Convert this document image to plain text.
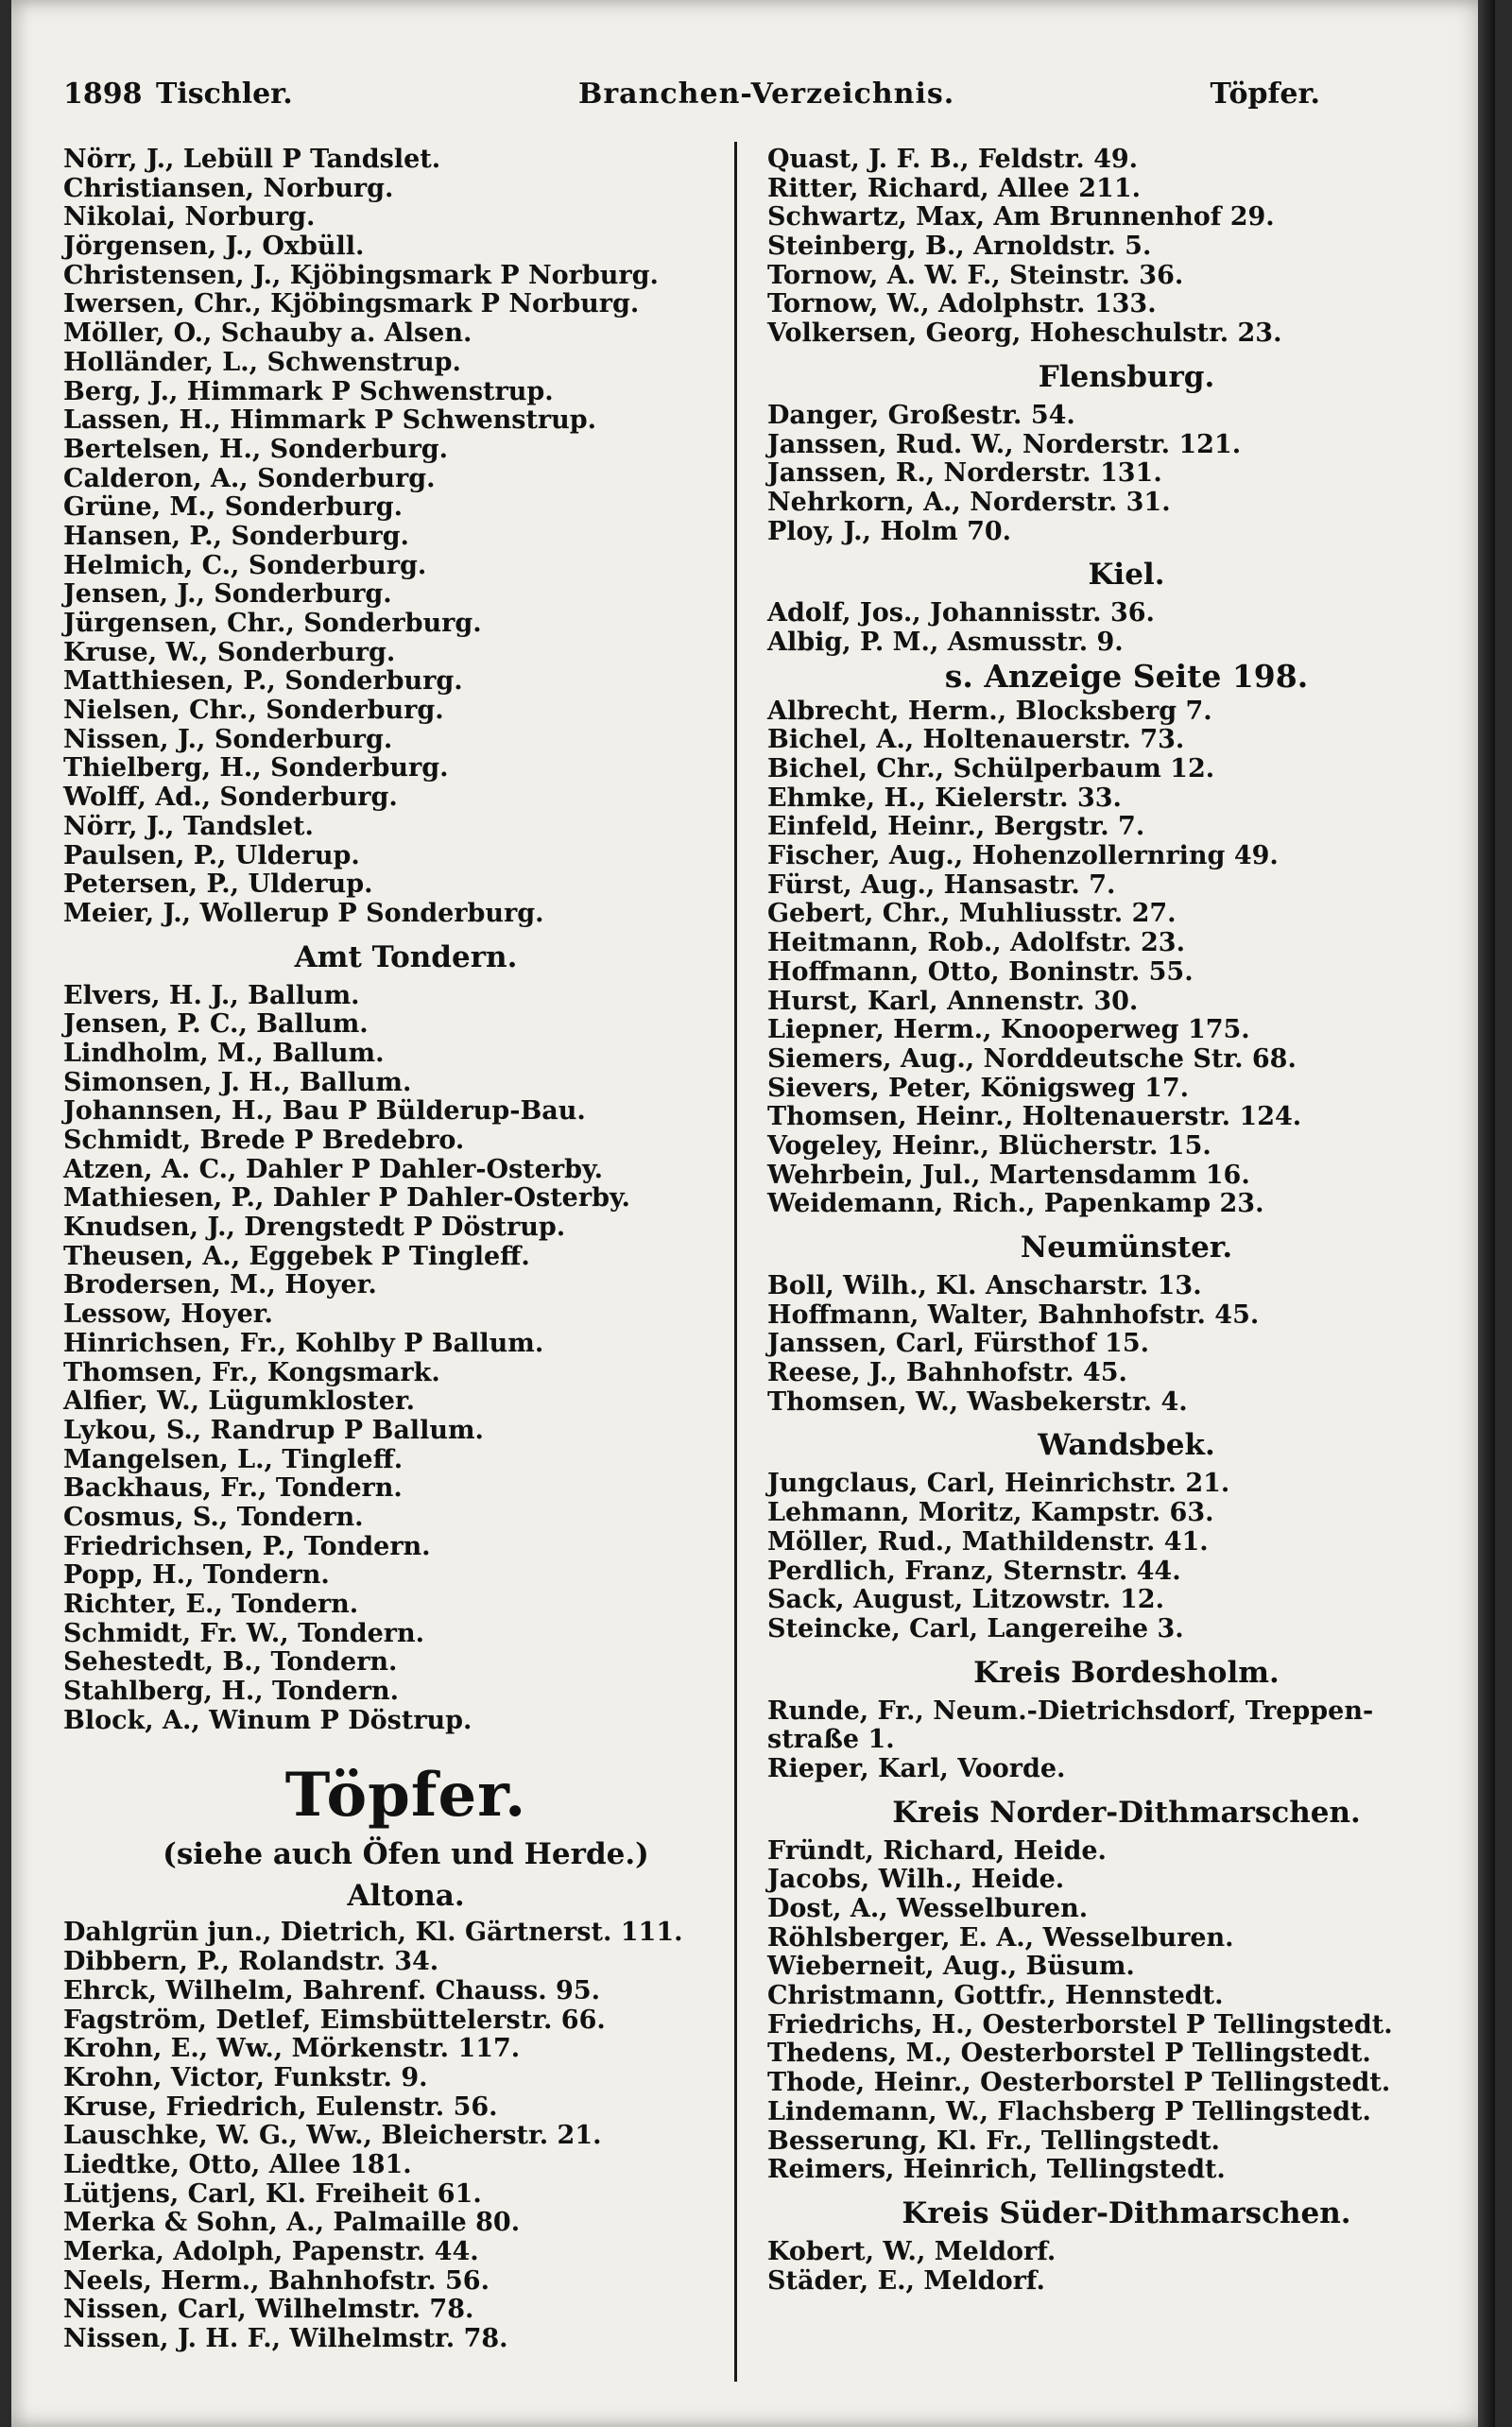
1898 Tischler.	Branchen-Verzeichnis.	Töpfer.
Nörr, J., Lebüll P Tandslet.
Christiansen, Norburg.
Nikolai, Norburg.
Jörgensen, J., Oxbüll.
Christensen, J., Kjöbingsmark P Norburg.
Iwersen, Chr., Kjöbingsmark P Norburg.
Möller, O., Schauby a. Alsen.
Holländer, L., Schwenstrup.
Berg, J., Himmark P Schwenstrup.
Lassen, H., Himmark P Schwenstrup.
Bertelsen, H., Sonderburg.
Calderon, A., Sonderburg.
Grüne, M., Sonderburg.
Hansen, P., Sonderburg.
Helmich, C., Sonderburg.
Jensen, J., Sonderburg.
Jürgensen, Chr., Sonderburg.
Kruse, W., Sonderburg.
Matthiesen, P., Sonderburg.
Nielsen, Chr., Sonderburg.
Nissen, J., Sonderburg.
Thielberg, H., Sonderburg.
Wolff, Ad., Sonderburg.
Nörr, J., Tandslet.
Paulsen, P., Ulderup.
Petersen, P., Ulderup.
Meier, J., Wollerup P Sonderburg.
Amt Tondern.
Elvers, H. J., Ballum.
Jensen, P. C., Ballum.
Lindholm, M., Ballum.
Simonsen, J. H., Ballum.
Johannsen, H., Bau P Bülderup-Bau.
Schmidt, Brede P Bredebro.
Atzen, A. C., Dahler P Dahler-Osterby.
Mathiesen, P., Dahler P Dahler-Osterby.
Knudsen, J., Drengstedt P Döstrup.
Theusen, A., Eggebek P Tingleff.
Brodersen, M., Hoyer.
Lessow, Hoyer.
Hinrichsen, Fr., Kohlby P Ballum.
Thomsen, Fr., Kongsmark.
Alfier, W., Lügumkloster.
Lykou, S., Randrup P Ballum.
Mangelsen, L., Tingleff.
Backhaus, Fr., Tondern.
Cosmus, S., Tondern.
Friedrichsen, P., Tondern.
Popp, H., Tondern.
Richter, E., Tondern.
Schmidt, Fr. W., Tondern.
Sehestedt, B., Tondern.
Stahlberg, H., Tondern.
Block, A., Winum P Döstrup.
Töpfer.
(siehe auch Öfen und Herde.)
Altona.
Dahlgrün jun., Dietrich, Kl. Gärtnerst. 111.
Dibbern, P., Rolandstr. 34.
Ehrck, Wilhelm, Bahrenf. Chauss. 95.
Fagström, Detlef, Eimsbüttelerstr. 66.
Krohn, E., Ww., Mörkenstr. 117.
Krohn, Victor, Funkstr. 9.
Kruse, Friedrich, Eulenstr. 56.
Lauschke, W. G., Ww., Bleicherstr. 21.
Liedtke, Otto, Allee 181.
Lütjens, Carl, Kl. Freiheit 61.
Merka & Sohn, A., Palmaille 80.
Merka, Adolph, Papenstr. 44.
Neels, Herm., Bahnhofstr. 56.
Nissen, Carl, Wilhelmstr. 78.
Nissen, J. H. F., Wilhelmstr. 78.
Quast, J. F. B., Feldstr. 49.
Ritter, Richard, Allee 211.
Schwartz, Max, Am Brunnenhof 29.
Steinberg, B., Arnoldstr. 5.
Tornow, A. W. F., Steinstr. 36.
Tornow, W., Adolphstr. 133.
Volkersen, Georg, Hoheschulstr. 23.
Flensburg.
Danger, Großestr. 54.
Janssen, Rud. W., Norderstr. 121.
Janssen, R., Norderstr. 131.
Nehrkorn, A., Norderstr. 31.
Ploy, J., Holm 70.
Kiel.
Adolf, Jos., Johannisstr. 36.
Albig, P. M., Asmusstr. 9.
s. Anzeige Seite 198.
Albrecht, Herm., Blocksberg 7.
Bichel, A., Holtenauerstr. 73.
Bichel, Chr., Schülperbaum 12.
Ehmke, H., Kielerstr. 33.
Einfeld, Heinr., Bergstr. 7.
Fischer, Aug., Hohenzollernring 49.
Fürst, Aug., Hansastr. 7.
Gebert, Chr., Muhliusstr. 27.
Heitmann, Rob., Adolfstr. 23.
Hoffmann, Otto, Boninstr. 55.
Hurst, Karl, Annenstr. 30.
Liepner, Herm., Knooperweg 175.
Siemers, Aug., Norddeutsche Str. 68.
Sievers, Peter, Königsweg 17.
Thomsen, Heinr., Holtenauerstr. 124.
Vogeley, Heinr., Blücherstr. 15.
Wehrbein, Jul., Martensdamm 16.
Weidemann, Rich., Papenkamp 23.
Neumünster.
Boll, Wilh., Kl. Anscharstr. 13.
Hoffmann, Walter, Bahnhofstr. 45.
Janssen, Carl, Fürsthof 15.
Reese, J., Bahnhofstr. 45.
Thomsen, W., Wasbekerstr. 4.
Wandsbek.
Jungclaus, Carl, Heinrichstr. 21.
Lehmann, Moritz, Kampstr. 63.
Möller, Rud., Mathildenstr. 41.
Perdlich, Franz, Sternstr. 44.
Sack, August, Litzowstr. 12.
Steincke, Carl, Langereihe 3.
Kreis Bordesholm.
Runde, Fr., Neum.-Dietrichsdorf, Treppen-
straße 1.
Rieper, Karl, Voorde.
Kreis Norder-Dithmarschen.
Fründt, Richard, Heide.
Jacobs, Wilh., Heide.
Dost, A., Wesselburen.
Röhlsberger, E. A., Wesselburen.
Wieberneit, Aug., Büsum.
Christmann, Gottfr., Hennstedt.
Friedrichs, H., Oesterborstel P Tellingstedt.
Thedens, M., Oesterborstel P Tellingstedt.
Thode, Heinr., Oesterborstel P Tellingstedt.
Lindemann, W., Flachsberg P Tellingstedt.
Besserung, Kl. Fr., Tellingstedt.
Reimers, Heinrich, Tellingstedt.
Kreis Süder-Dithmarschen.
Kobert, W., Meldorf.
Städer, E., Meldorf.
